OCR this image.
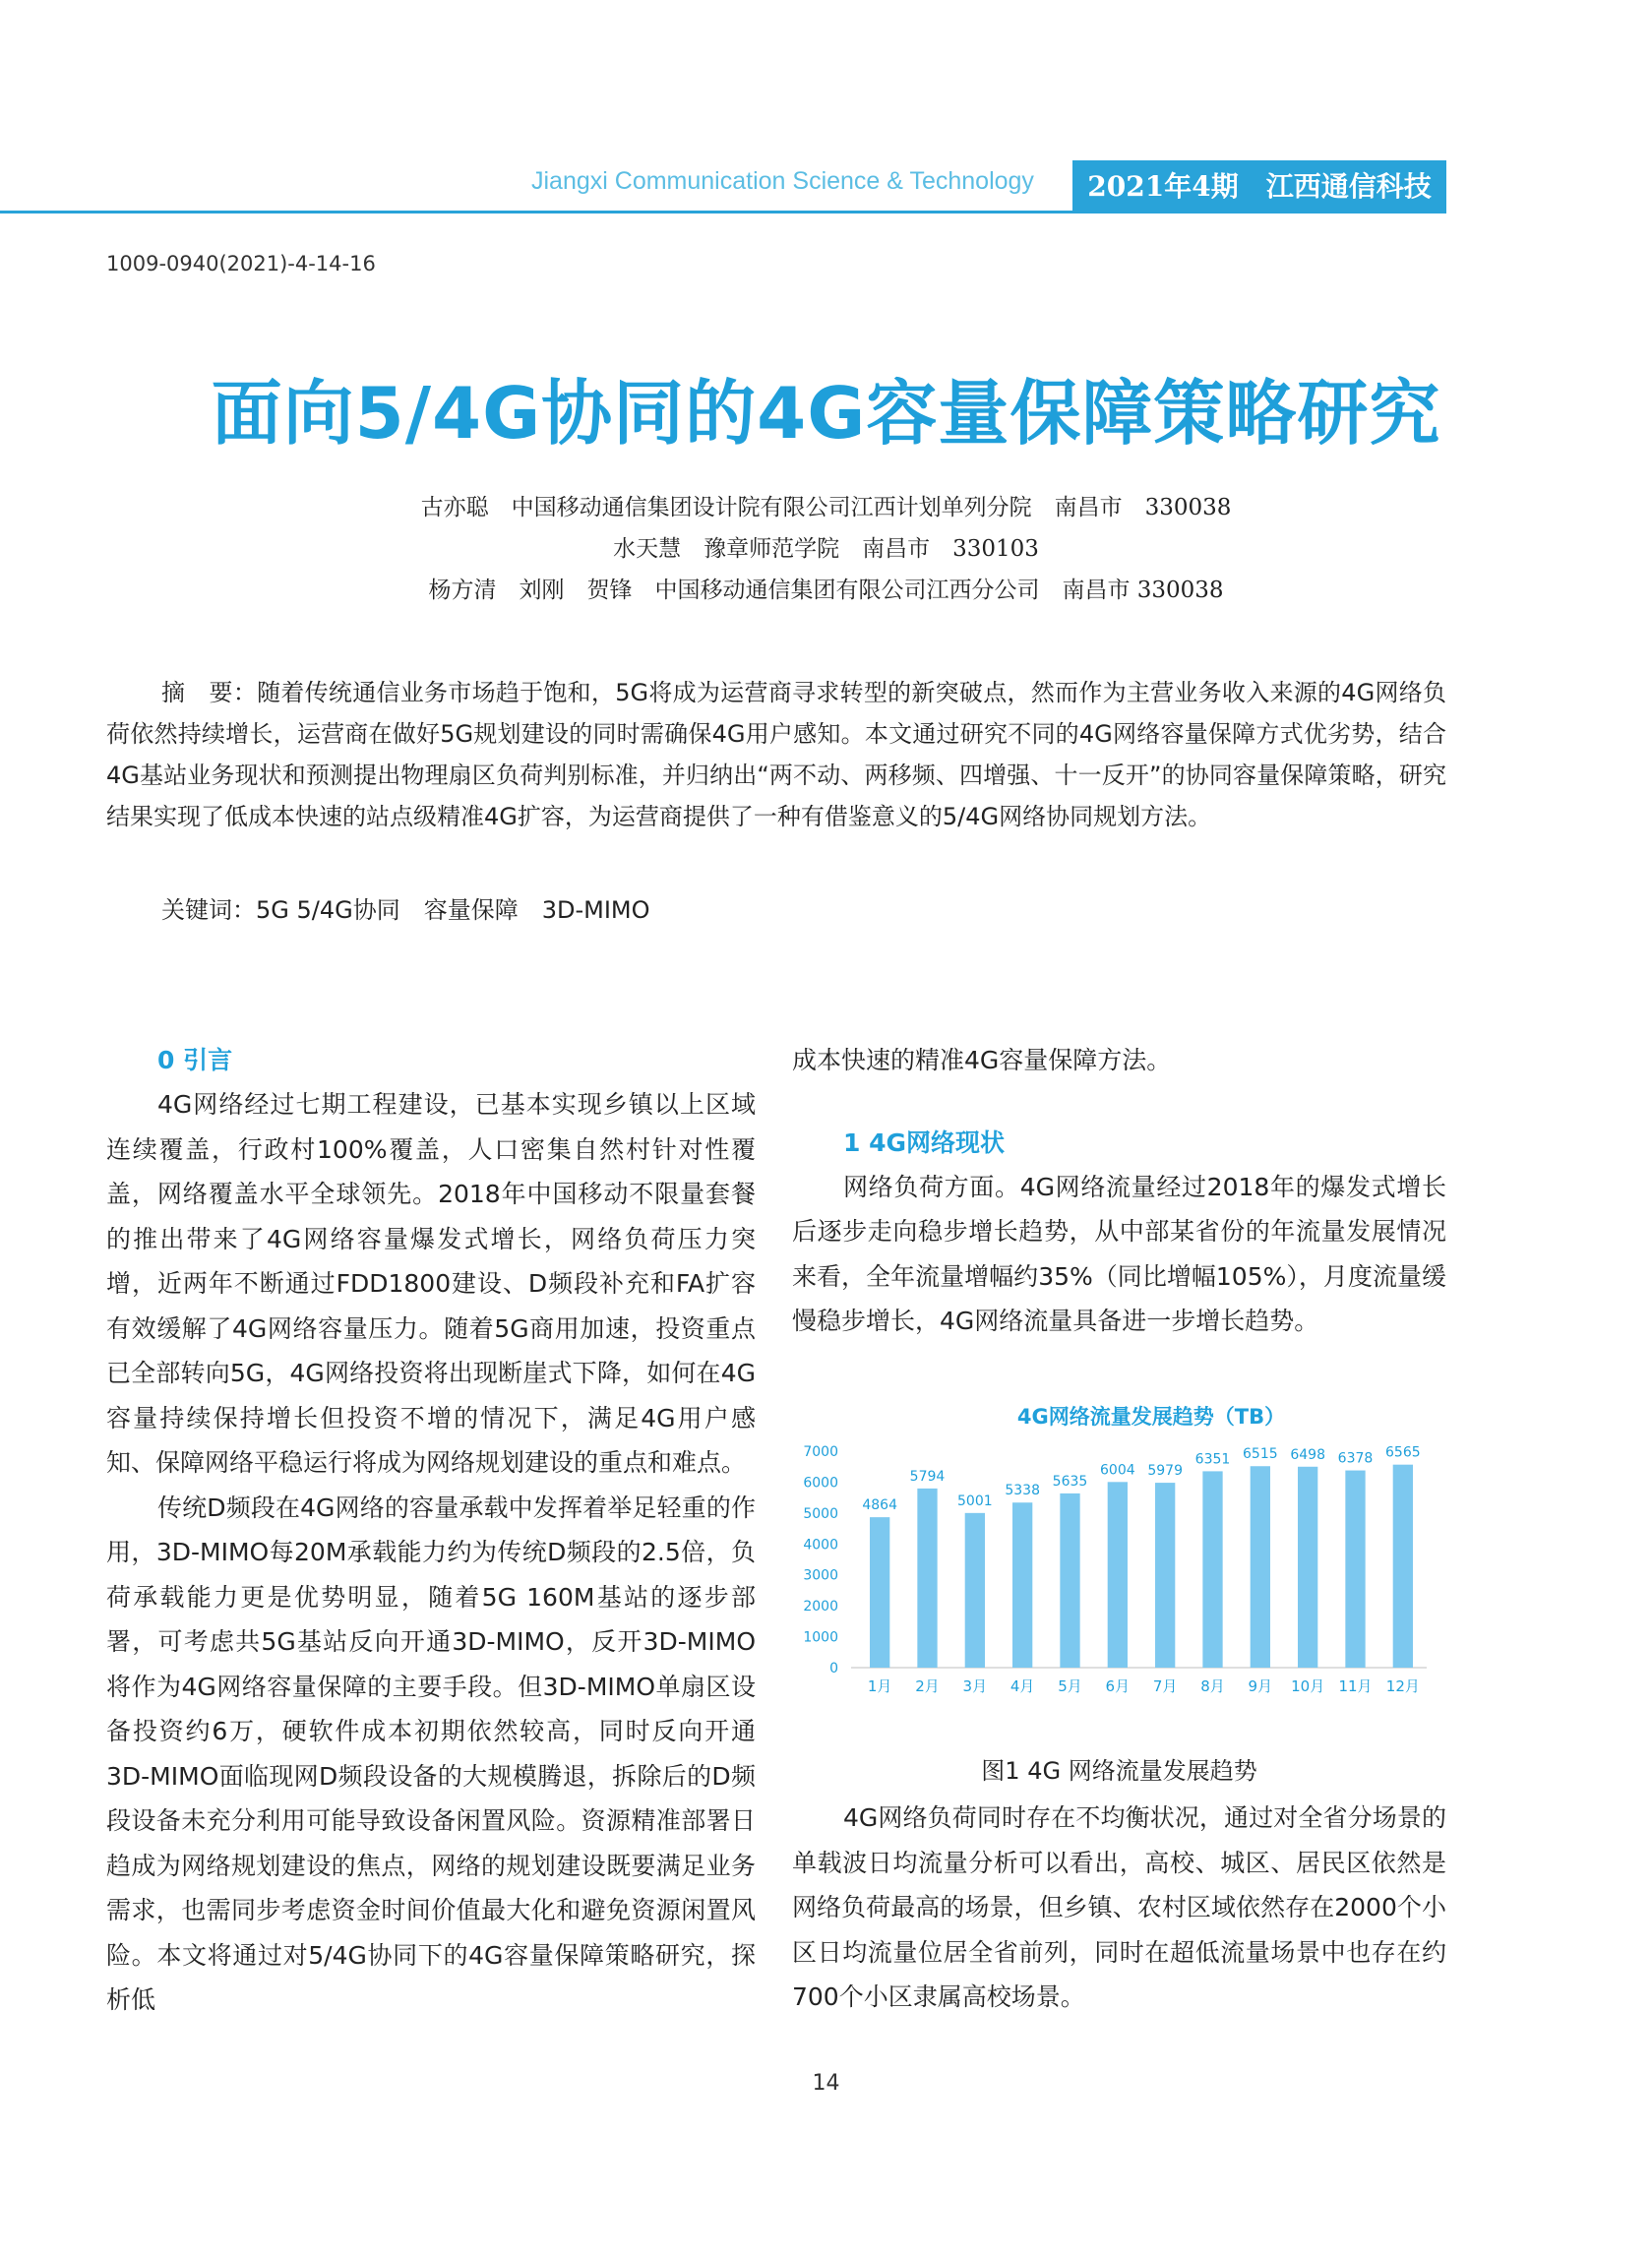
Jiangxi Communication Science & Technology	2021年4期　江西通信科技
1009-0940(2021)-4-14-16
面向5/4G协同的4G容量保障策略研究
古亦聪　中国移动通信集团设计院有限公司江西计划单列分院　南昌市　330038
水天慧　豫章师范学院　南昌市　330103
杨方清　刘刚　贺锋　中国移动通信集团有限公司江西分公司　南昌市 330038

摘　要：随着传统通信业务市场趋于饱和，5G将成为运营商寻求转型的新突破点，然而作为主营业务收入来源的4G网络负荷依然持续增长，运营商在做好5G规划建设的同时需确保4G用户感知。本文通过研究不同的4G网络容量保障方式优劣势，结合4G基站业务现状和预测提出物理扇区负荷判别标准，并归纳出“两不动、两移频、四增强、十一反开”的协同容量保障策略，研究结果实现了低成本快速的站点级精准4G扩容，为运营商提供了一种有借鉴意义的5/4G网络协同规划方法。

关键词：5G 5/4G协同　容量保障　3D-MIMO
0 引言

4G网络经过七期工程建设，已基本实现乡镇以上区域连续覆盖，行政村100%覆盖，人口密集自然村针对性覆盖，网络覆盖水平全球领先。2018年中国移动不限量套餐的推出带来了4G网络容量爆发式增长，网络负荷压力突增，近两年不断通过FDD1800建设、D频段补充和FA扩容有效缓解了4G网络容量压力。随着5G商用加速，投资重点已全部转向5G，4G网络投资将出现断崖式下降，如何在4G容量持续保持增长但投资不增的情况下，满足4G用户感知、保障网络平稳运行将成为网络规划建设的重点和难点。

传统D频段在4G网络的容量承载中发挥着举足轻重的作用，3D-MIMO每20M承载能力约为传统D频段的2.5倍，负荷承载能力更是优势明显，随着5G 160M基站的逐步部署，可考虑共5G基站反向开通3D-MIMO，反开3D-MIMO将作为4G网络容量保障的主要手段。但3D-MIMO单扇区设备投资约6万，硬软件成本初期依然较高，同时反向开通3D-MIMO面临现网D频段设备的大规模腾退，拆除后的D频段设备未充分利用可能导致设备闲置风险。资源精准部署日趋成为网络规划建设的焦点，网络的规划建设既要满足业务需求，也需同步考虑资金时间价值最大化和避免资源闲置风险。本文将通过对5/4G协同下的4G容量保障策略研究，探析低

成本快速的精准4G容量保障方法。
1 4G网络现状

网络负荷方面。4G网络流量经过2018年的爆发式增长后逐步走向稳步增长趋势，从中部某省份的年流量发展情况来看，全年流量增幅约35%（同比增幅105%），月度流量缓慢稳步增长，4G网络流量具备进一步增长趋势。

4G网络流量发展趋势（TB）
0
1000
2000
3000
4000
5000
6000
7000
4864
1月
5794
2月
5001
3月
5338
4月
5635
5月
6004
6月
5979
7月
6351
8月
6515
9月
6498
10月
6378
11月
6565
12月
图1 4G 网络流量发展趋势

4G网络负荷同时存在不均衡状况，通过对全省分场景的单载波日均流量分析可以看出，高校、城区、居民区依然是网络负荷最高的场景，但乡镇、农村区域依然存在2000个小区日均流量位居全省前列，同时在超低流量场景中也存在约700个小区隶属高校场景。

14
